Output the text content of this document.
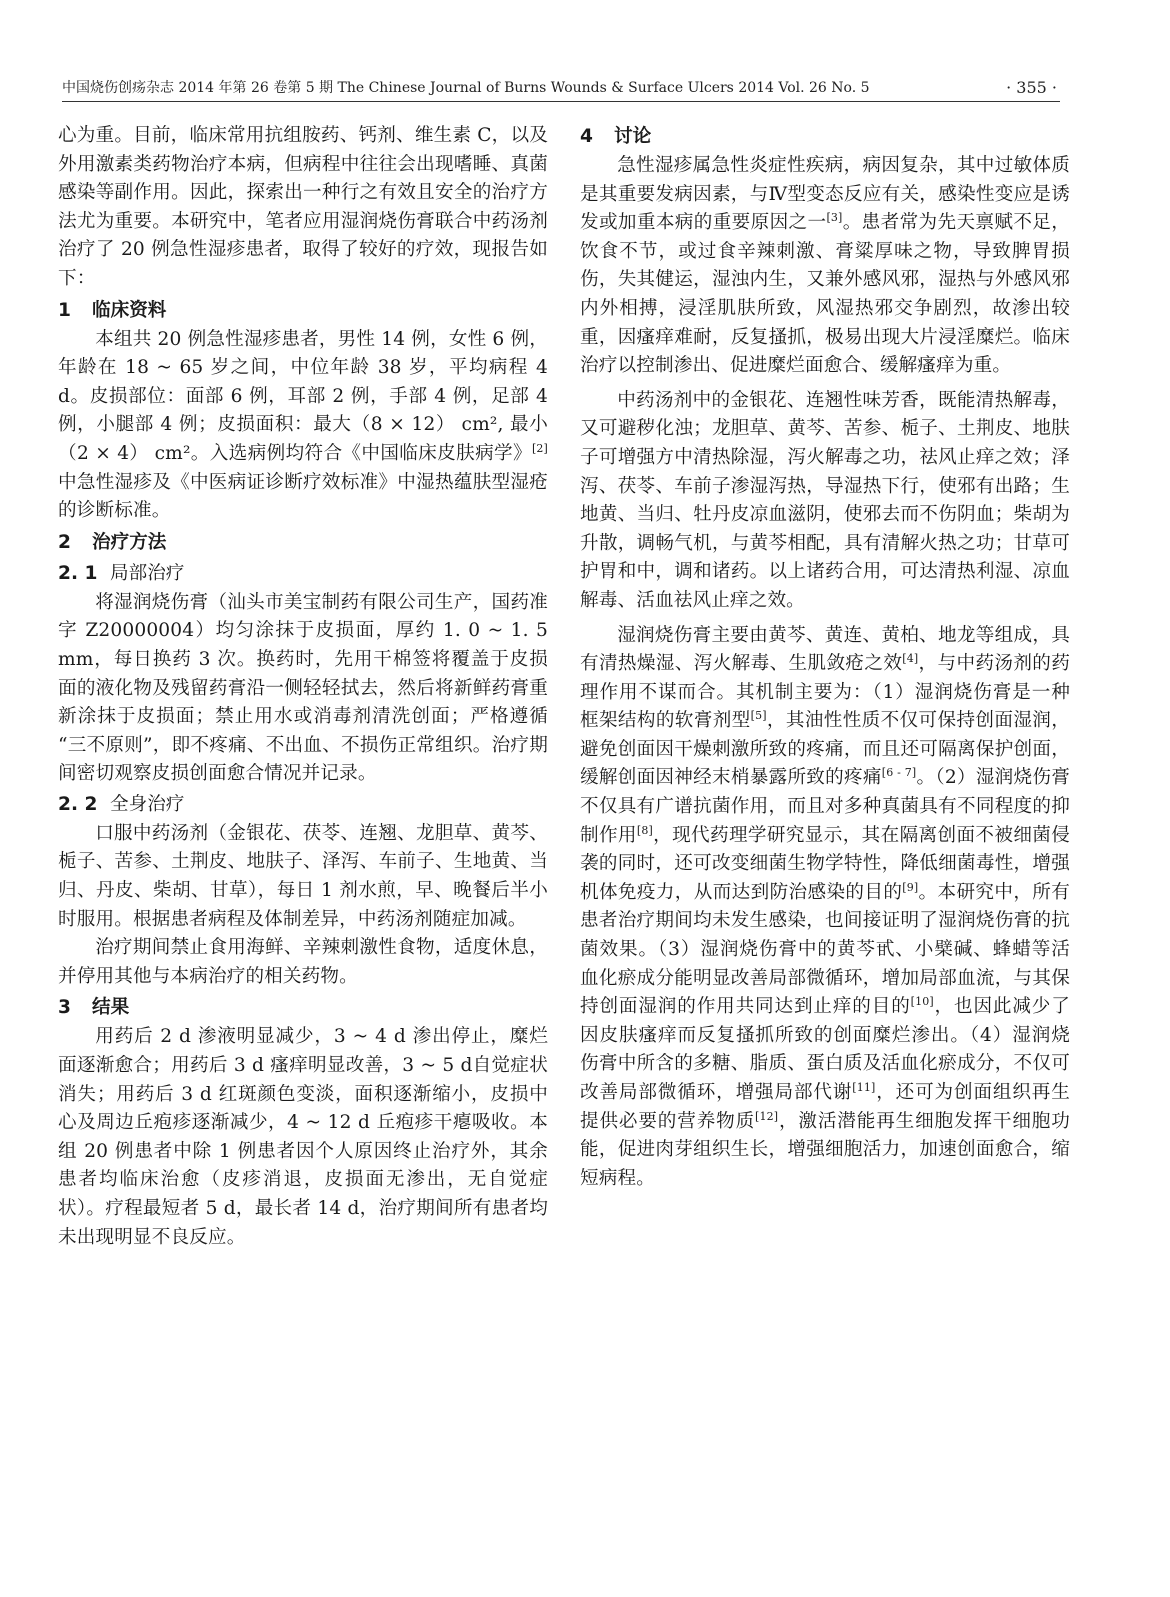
中国烧伤创疡杂志 2014 年第 26 卷第 5 期 The Chinese Journal of Burns Wounds & Surface Ulcers 2014 Vol. 26 No. 5	· 355 ·

心为重。目前，临床常用抗组胺药、钙剂、维生素 C，以及外用激素类药物治疗本病，但病程中往往会出现嗜睡、真菌感染等副作用。因此，探索出一种行之有效且安全的治疗方法尤为重要。本研究中，笔者应用湿润烧伤膏联合中药汤剂治疗了 20 例急性湿疹患者，取得了较好的疗效，现报告如下：

1 临床资料

本组共 20 例急性湿疹患者，男性 14 例，女性 6 例，年龄在 18 ~ 65 岁之间，中位年龄 38 岁，平均病程 4 d。皮损部位：面部 6 例，耳部 2 例，手部 4 例，足部 4 例，小腿部 4 例；皮损面积：最大（8 × 12） cm², 最小 （2 × 4） cm²。入选病例均符合《中国临床皮肤病学》[2]中急性湿疹及《中医病证诊断疗效标准》中湿热蕴肤型湿疮的诊断标准。

2 治疗方法
2. 1 局部治疗

将湿润烧伤膏（汕头市美宝制药有限公司生产，国药准字 Z20000004）均匀涂抹于皮损面，厚约 1. 0 ~ 1. 5 mm，每日换药 3 次。换药时，先用干棉签将覆盖于皮损面的液化物及残留药膏沿一侧轻轻拭去，然后将新鲜药膏重新涂抹于皮损面；禁止用水或消毒剂清洗创面；严格遵循 “三不原则”，即不疼痛、不出血、不损伤正常组织。治疗期间密切观察皮损创面愈合情况并记录。

2. 2 全身治疗

口服中药汤剂（金银花、茯苓、连翘、龙胆草、黄芩、栀子、苦参、土荆皮、地肤子、泽泻、车前子、生地黄、当归、丹皮、柴胡、甘草），每日 1 剂水煎，早、晚餐后半小时服用。根据患者病程及体制差异，中药汤剂随症加减。

治疗期间禁止食用海鲜、辛辣刺激性食物，适度休息，并停用其他与本病治疗的相关药物。

3 结果

用药后 2 d 渗液明显减少，3 ~ 4 d 渗出停止，糜烂面逐渐愈合；用药后 3 d 瘙痒明显改善，3 ~ 5 d自觉症状消失；用药后 3 d 红斑颜色变淡，面积逐渐缩小，皮损中心及周边丘疱疹逐渐减少，4 ~ 12 d 丘疱疹干瘪吸收。本组 20 例患者中除 1 例患者因个人原因终止治疗外，其余患者均临床治愈（皮疹消退，皮损面无渗出，无自觉症状）。疗程最短者 5 d，最长者 14 d，治疗期间所有患者均未出现明显不良反应。

4 讨论

急性湿疹属急性炎症性疾病，病因复杂，其中过敏体质是其重要发病因素，与Ⅳ型变态反应有关，感染性变应是诱发或加重本病的重要原因之一[3]。患者常为先天禀赋不足，饮食不节，或过食辛辣刺激、膏粱厚味之物，导致脾胃损伤，失其健运，湿浊内生，又兼外感风邪，湿热与外感风邪内外相搏，浸淫肌肤所致，风湿热邪交争剧烈，故渗出较重，因瘙痒难耐，反复搔抓，极易出现大片浸淫糜烂。临床治疗以控制渗出、促进糜烂面愈合、缓解瘙痒为重。

中药汤剂中的金银花、连翘性味芳香，既能清热解毒，又可避秽化浊；龙胆草、黄芩、苦参、栀子、土荆皮、地肤子可增强方中清热除湿，泻火解毒之功，祛风止痒之效；泽泻、茯苓、车前子渗湿泻热，导湿热下行，使邪有出路；生地黄、当归、牡丹皮凉血滋阴，使邪去而不伤阴血；柴胡为升散，调畅气机，与黄芩相配，具有清解火热之功；甘草可护胃和中，调和诸药。以上诸药合用，可达清热利湿、凉血解毒、活血祛风止痒之效。

湿润烧伤膏主要由黄芩、黄连、黄柏、地龙等组成，具有清热燥湿、泻火解毒、生肌敛疮之效[4]，与中药汤剂的药理作用不谋而合。其机制主要为：（1）湿润烧伤膏是一种框架结构的软膏剂型[5]，其油性性质不仅可保持创面湿润，避免创面因干燥刺激所致的疼痛，而且还可隔离保护创面，缓解创面因神经末梢暴露所致的疼痛[6 - 7]。（2）湿润烧伤膏不仅具有广谱抗菌作用，而且对多种真菌具有不同程度的抑制作用[8]，现代药理学研究显示，其在隔离创面不被细菌侵袭的同时，还可改变细菌生物学特性，降低细菌毒性，增强机体免疫力，从而达到防治感染的目的[9]。本研究中，所有患者治疗期间均未发生感染，也间接证明了湿润烧伤膏的抗菌效果。（3）湿润烧伤膏中的黄芩甙、小檗碱、蜂蜡等活血化瘀成分能明显改善局部微循环，增加局部血流，与其保持创面湿润的作用共同达到止痒的目的[10]，也因此减少了因皮肤瘙痒而反复搔抓所致的创面糜烂渗出。（4）湿润烧伤膏中所含的多糖、脂质、蛋白质及活血化瘀成分，不仅可改善局部微循环，增强局部代谢[11]，还可为创面组织再生提供必要的营养物质[12]，激活潜能再生细胞发挥干细胞功能，促进肉芽组织生长，增强细胞活力，加速创面愈合，缩短病程。
